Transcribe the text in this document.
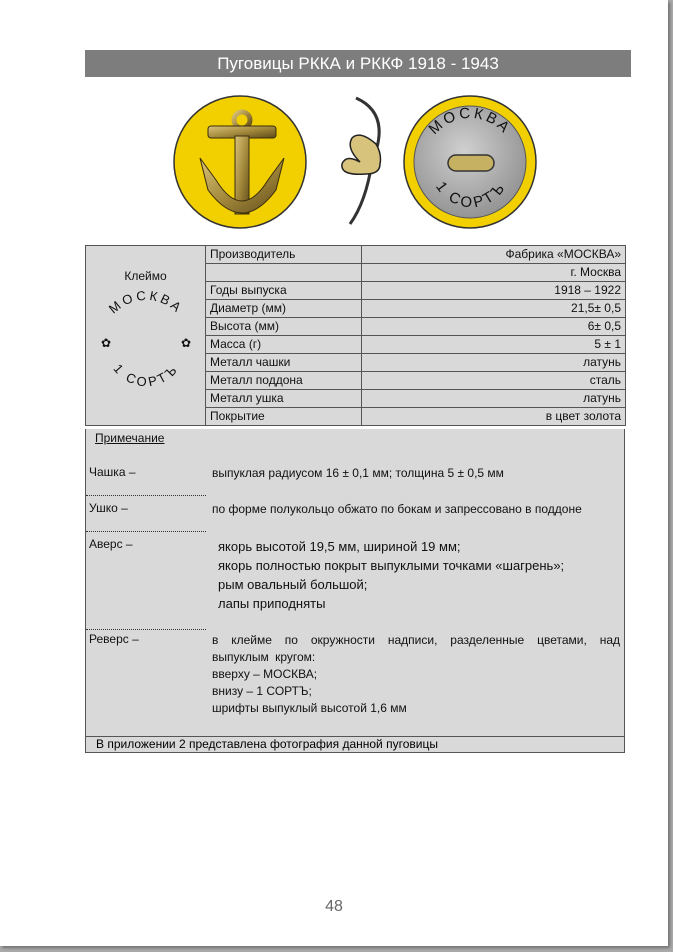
Пуговицы РККА и РККФ 1918 - 1943
МОСКВА
1 СОРТЪ
Клеймо
МОСКВА
1 СОРТЪ
✿ ✿	Производитель	Фабрика «МОСКВА»
		г. Москва
	Годы выпуска	1918 – 1922
	Диаметр (мм)	21,5± 0,5
	Высота (мм)	6± 0,5
	Масса (г)	5 ± 1
	Металл чашки	латунь
	Металл поддона	сталь
	Металл ушка	латунь
	Покрытие	в цвет золота
Примечание
Чашка –	выпуклая радиусом 16 ± 0,1 мм; толщина 5 ± 0,5 мм
Ушко –	по форме полукольцо обжато по бокам и запрессовано в поддоне
Аверс –	якорь высотой 19,5 мм, шириной 19 мм;
якорь полностью покрыт выпуклыми точками «шагрень»;
рым овальный большой;
лапы приподняты
Реверс –	в клейме по окружности надписи, разделенные цветами, над выпуклым кругом:
вверху – МОСКВА;
внизу – 1 СОРТЪ;
шрифты выпуклый высотой 1,6 мм
В приложении 2 представлена фотография данной пуговицы
48
